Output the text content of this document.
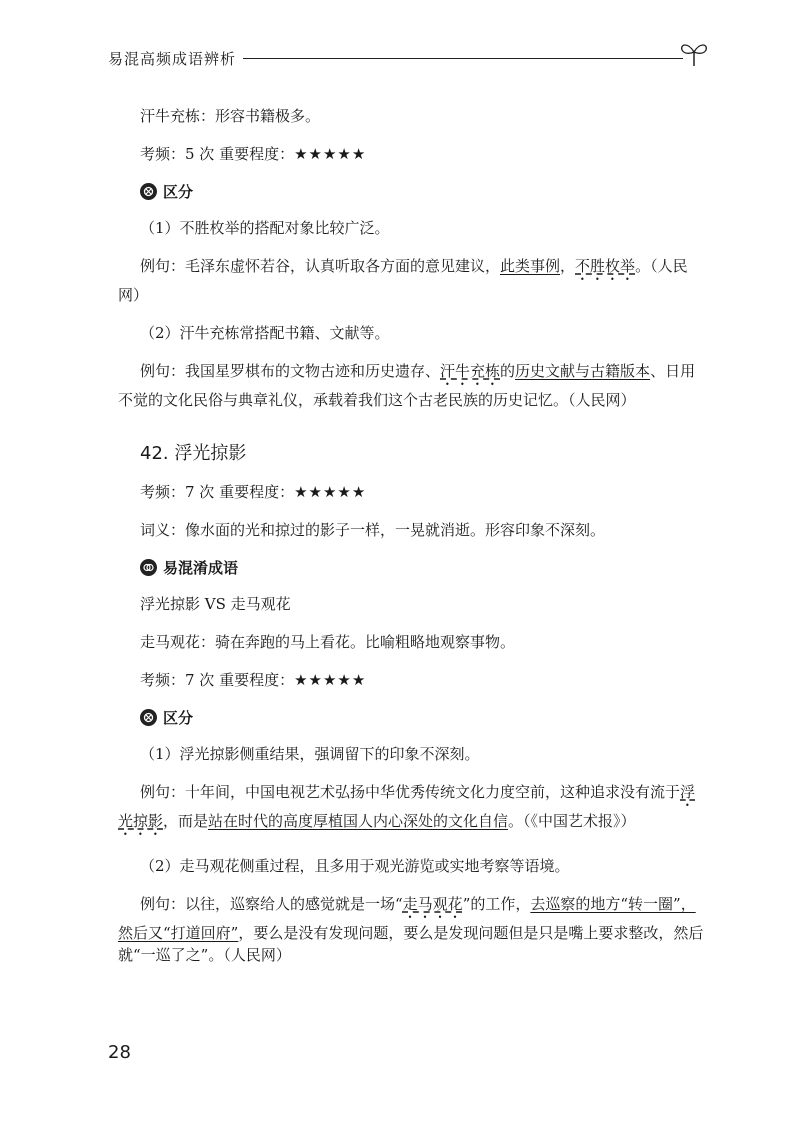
易混高频成语辨析

汗牛充栋：形容书籍极多。

考频：5 次 重要程度：★★★★★

区分

（1）不胜枚举的搭配对象比较广泛。

例句：毛泽东虚怀若谷，认真听取各方面的意见建议，此类事例，不胜枚举。（人民网）

（2）汗牛充栋常搭配书籍、文献等。

例句：我国星罗棋布的文物古迹和历史遗存、汗牛充栋的历史文献与古籍版本、日用不觉的文化民俗与典章礼仪，承载着我们这个古老民族的历史记忆。（人民网）

42. 浮光掠影

考频：7 次 重要程度：★★★★★

词义：像水面的光和掠过的影子一样，一晃就消逝。形容印象不深刻。

易混淆成语

浮光掠影 VS 走马观花

走马观花：骑在奔跑的马上看花。比喻粗略地观察事物。

考频：7 次 重要程度：★★★★★

区分

（1）浮光掠影侧重结果，强调留下的印象不深刻。

例句：十年间，中国电视艺术弘扬中华优秀传统文化力度空前，这种追求没有流于浮光掠影，而是站在时代的高度厚植国人内心深处的文化自信。（《中国艺术报》）

（2）走马观花侧重过程，且多用于观光游览或实地考察等语境。

例句：以往，巡察给人的感觉就是一场“走马观花”的工作，去巡察的地方“转一圈”，然后又“打道回府”，要么是没有发现问题，要么是发现问题但是只是嘴上要求整改，然后就“一巡了之”。（人民网）

28
